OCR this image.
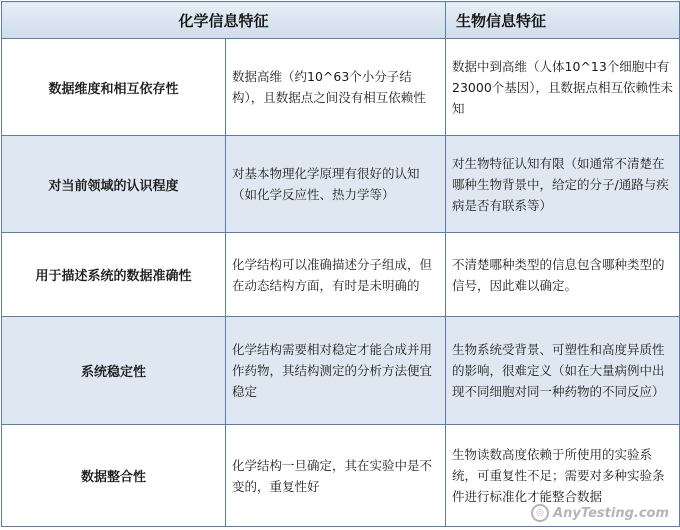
化学信息特征		生物信息特征
数据维度和相互依存性	数据高维（约10^63个小分子结构），且数据点之间没有相互依赖性	数据中到高维（人体10^13个细胞中有23000个基因），且数据点相互依赖性未知
对当前领域的认识程度	对基本物理化学原理有很好的认知（如化学反应性、热力学等）	对生物特征认知有限（如通常不清楚在哪种生物背景中，给定的分子/通路与疾病是否有联系等）
用于描述系统的数据准确性	化学结构可以准确描述分子组成，但在动态结构方面，有时是未明确的	不清楚哪种类型的信息包含哪种类型的信号，因此难以确定。
系统稳定性	化学结构需要相对稳定才能合成并用作药物，其结构测定的分析方法便宜稳定	生物系统受背景、可塑性和高度异质性的影响，很难定义（如在大量病例中出现不同细胞对同一种药物的不同反应）
数据整合性	化学结构一旦确定，其在实验中是不变的，重复性好	生物读数高度依赖于所使用的实验系统，可重复性不足；需要对多种实验条件进行标准化才能整合数据
◎ AnyTesting.com
